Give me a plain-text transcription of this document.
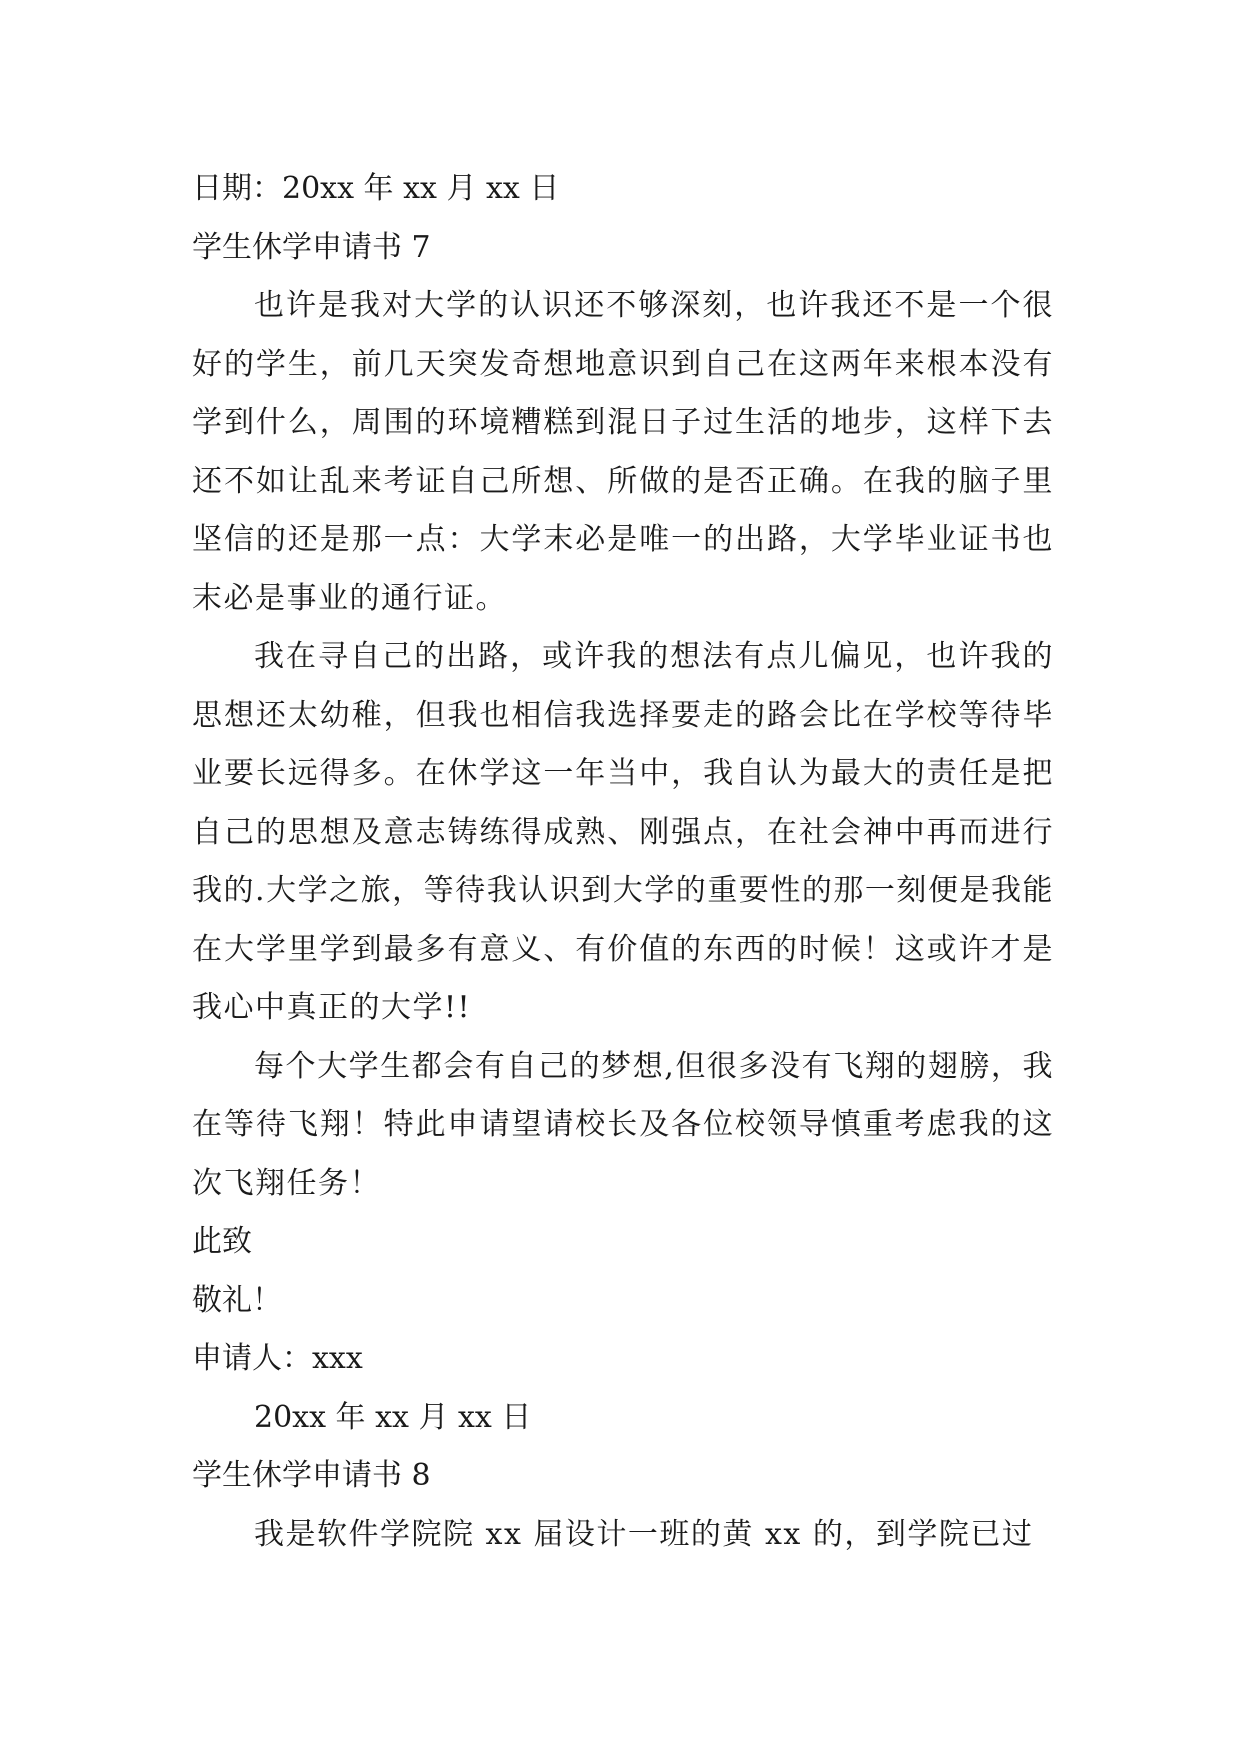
日期：20xx 年 xx 月 xx 日
学生休学申请书 7

也许是我对大学的认识还不够深刻，也许我还不是一个很好的学生，前几天突发奇想地意识到自己在这两年来根本没有学到什么，周围的环境糟糕到混日子过生活的地步，这样下去还不如让乱来考证自己所想、所做的是否正确。在我的脑子里坚信的还是那一点：大学末必是唯一的出路，大学毕业证书也末必是事业的通行证。

我在寻自己的出路，或许我的想法有点儿偏见，也许我的思想还太幼稚，但我也相信我选择要走的路会比在学校等待毕业要长远得多。在休学这一年当中，我自认为最大的责任是把自己的思想及意志铸练得成熟、刚强点，在社会神中再而进行我的.大学之旅，等待我认识到大学的重要性的那一刻便是我能在大学里学到最多有意义、有价值的东西的时候！这或许才是我心中真正的大学!!

每个大学生都会有自己的梦想,但很多没有飞翔的翅膀，我在等待飞翔！特此申请望请校长及各位校领导慎重考虑我的这次飞翔任务！

此致
敬礼！
申请人：xxx
20xx 年 xx 月 xx 日
学生休学申请书 8

我是软件学院院 xx 届设计一班的黄 xx 的，到学院已过
